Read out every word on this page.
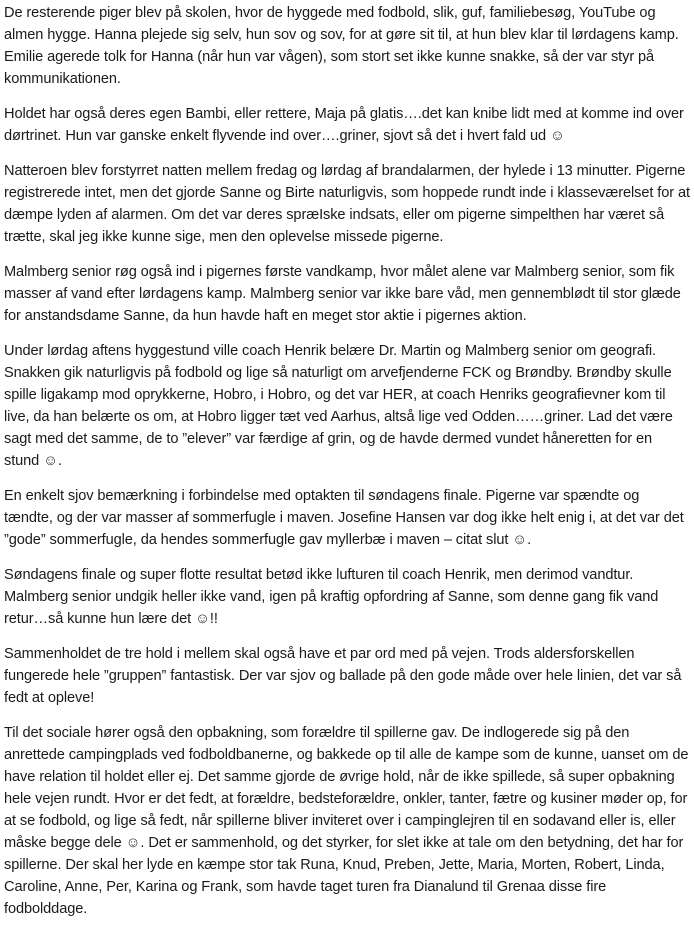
De resterende piger blev på skolen, hvor de hyggede med fodbold, slik, guf, familiebesøg, YouTube og almen hygge. Hanna plejede sig selv, hun sov og sov, for at gøre sit til, at hun blev klar til lørdagens kamp. Emilie agerede tolk for Hanna (når hun var vågen), som stort set ikke kunne snakke, så der var styr på kommunikationen.

Holdet har også deres egen Bambi, eller rettere, Maja på glatis….det kan knibe lidt med at komme ind over dørtrinet. Hun var ganske enkelt flyvende ind over….griner, sjovt så det i hvert fald ud ☺

Natteroen blev forstyrret natten mellem fredag og lørdag af brandalarmen, der hylede i 13 minutter. Pigerne registrerede intet, men det gjorde Sanne og Birte naturligvis, som hoppede rundt inde i klasseværelset for at dæmpe lyden af alarmen. Om det var deres spræIske indsats, eller om pigerne simpelthen har været så trætte, skal jeg ikke kunne sige, men den oplevelse missede pigerne.

Malmberg senior røg også ind i pigernes første vandkamp, hvor målet alene var Malmberg senior, som fik masser af vand efter lørdagens kamp. Malmberg senior var ikke bare våd, men gennemblødt til stor glæde for anstandsdame Sanne, da hun havde haft en meget stor aktie i pigernes aktion.

Under lørdag aftens hyggestund ville coach Henrik belære Dr. Martin og Malmberg senior om geografi. Snakken gik naturligvis på fodbold og lige så naturligt om arvefjenderne FCK og Brøndby. Brøndby skulle spille ligakamp mod oprykkerne, Hobro, i Hobro, og det var HER, at coach Henriks geografievner kom til live, da han belærte os om, at Hobro ligger tæt ved Aarhus, altså lige ved Odden……griner. Lad det være sagt med det samme, de to ”elever” var færdige af grin, og de havde dermed vundet håneretten for en stund ☺.

En enkelt sjov bemærkning i forbindelse med optakten til søndagens finale. Pigerne var spændte og tændte, og der var masser af sommerfugle i maven. Josefine Hansen var dog ikke helt enig i, at det var det ”gode” sommerfugle, da hendes sommerfugle gav myllerbæ i maven – citat slut ☺.

Søndagens finale og super flotte resultat betød ikke lufturen til coach Henrik, men derimod vandtur. Malmberg senior undgik heller ikke vand, igen på kraftig opfordring af Sanne, som denne gang fik vand retur…så kunne hun lære det ☺!!

Sammenholdet de tre hold i mellem skal også have et par ord med på vejen. Trods aldersforskellen fungerede hele ”gruppen” fantastisk. Der var sjov og ballade på den gode måde over hele linien, det var så fedt at opleve!

Til det sociale hører også den opbakning, som forældre til spillerne gav. De indlogerede sig på den anrettede campingplads ved fodboldbanerne, og bakkede op til alle de kampe som de kunne, uanset om de have relation til holdet eller ej. Det samme gjorde de øvrige hold, når de ikke spillede, så super opbakning hele vejen rundt. Hvor er det fedt, at forældre, bedsteforældre, onkler, tanter, fætre og kusiner møder op, for at se fodbold, og lige så fedt, når spillerne bliver inviteret over i campinglejren til en sodavand eller is, eller måske begge dele ☺. Det er sammenhold, og det styrker, for slet ikke at tale om den betydning, det har for spillerne. Der skal her lyde en kæmpe stor tak Runa, Knud, Preben, Jette, Maria, Morten, Robert, Linda, Caroline, Anne, Per, Karina og Frank, som havde taget turen fra Dianalund til Grenaa disse fire fodbolddage.
